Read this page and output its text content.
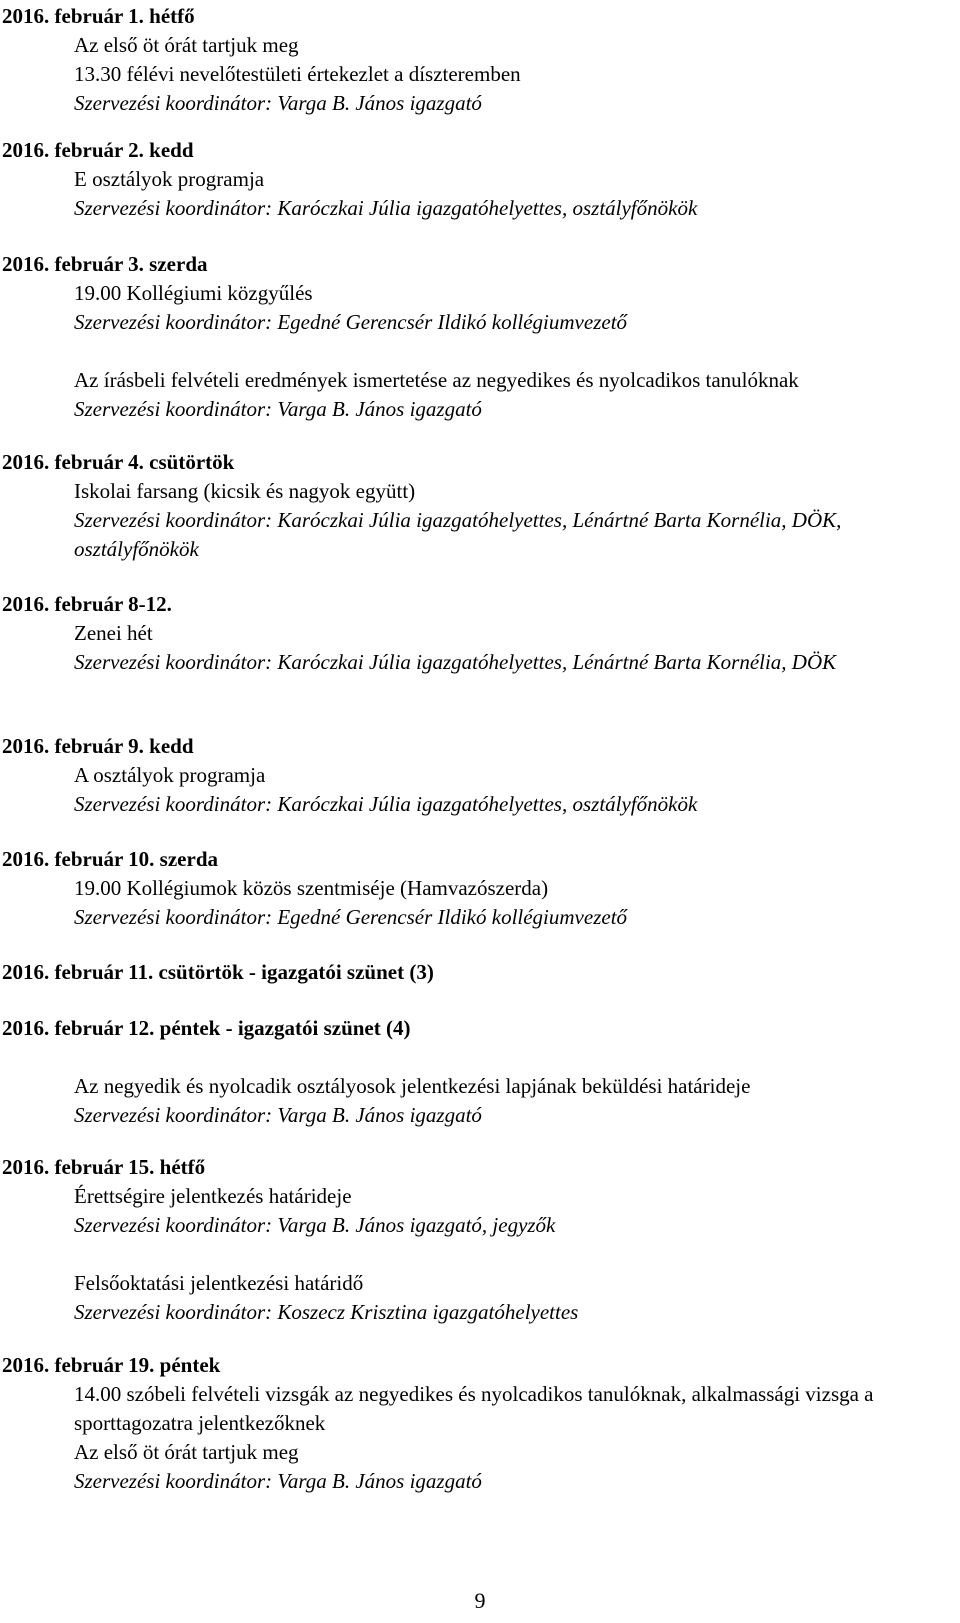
2016. február 1. hétfő
Az első öt órát tartjuk meg
13.30 félévi nevelőtestületi értekezlet a díszteremben
Szervezési koordinátor: Varga B. János igazgató
2016. február 2. kedd
E osztályok programja
Szervezési koordinátor: Karóczkai Júlia igazgatóhelyettes, osztályfőnökök
2016. február 3. szerda
19.00 Kollégiumi közgyűlés
Szervezési koordinátor: Egedné Gerencsér Ildikó kollégiumvezető
Az írásbeli felvételi eredmények ismertetése az negyedikes és nyolcadikos tanulóknak
Szervezési koordinátor: Varga B. János igazgató
2016. február 4. csütörtök
Iskolai farsang (kicsik és nagyok együtt)
Szervezési koordinátor: Karóczkai Júlia igazgatóhelyettes, Lénártné Barta Kornélia, DÖK, osztályfőnökök
2016. február 8-12.
Zenei hét
Szervezési koordinátor: Karóczkai Júlia igazgatóhelyettes, Lénártné Barta Kornélia, DÖK
2016. február 9. kedd
A osztályok programja
Szervezési koordinátor: Karóczkai Júlia igazgatóhelyettes, osztályfőnökök
2016. február 10. szerda
19.00 Kollégiumok közös szentmiséje (Hamvazószerda)
Szervezési koordinátor: Egedné Gerencsér Ildikó kollégiumvezető
2016. február 11. csütörtök - igazgatói szünet (3)
2016. február 12. péntek - igazgatói szünet (4)
Az negyedik és nyolcadik osztályosok jelentkezési lapjának beküldési határideje
Szervezési koordinátor: Varga B. János igazgató
2016. február 15. hétfő
Érettségire jelentkezés határideje
Szervezési koordinátor: Varga B. János igazgató, jegyzők
Felsőoktatási jelentkezési határidő
Szervezési koordinátor: Koszecz Krisztina igazgatóhelyettes
2016. február 19. péntek
14.00 szóbeli felvételi vizsgák az negyedikes és nyolcadikos tanulóknak, alkalmassági vizsga a sporttagozatra jelentkezőknek
Az első öt órát tartjuk meg
Szervezési koordinátor: Varga B. János igazgató
9
